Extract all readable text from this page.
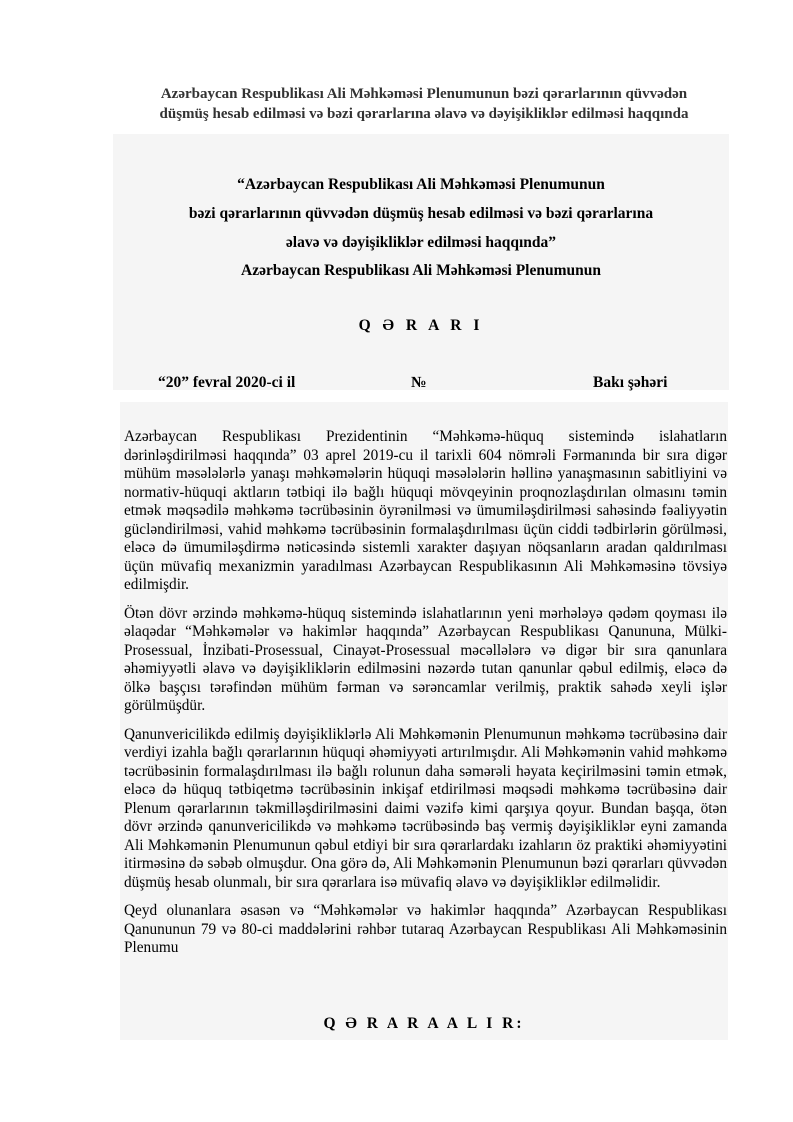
Azərbaycan Respublikası Ali Məhkəməsi Plenumunun bəzi qərarlarının qüvvədən
düşmüş hesab edilməsi və bəzi qərarlarına əlavə və dəyişikliklər edilməsi haqqında
“Azərbaycan Respublikası Ali Məhkəməsi Plenumunun
bəzi qərarlarının qüvvədən düşmüş hesab edilməsi və bəzi qərarlarına
əlavə və dəyişikliklər edilməsi haqqında”
Azərbaycan Respublikası Ali Məhkəməsi Plenumunun
Q Ə R A R I
“20” fevral 2020-ci il	№	Bakı şəhəri

Azərbaycan Respublikası Prezidentinin “Məhkəmə-hüquq sistemində islahatların dərinləşdirilməsi haqqında” 03 aprel 2019-cu il tarixli 604 nömrəli Fərmanında bir sıra digər mühüm məsələlərlə yanaşı məhkəmələrin hüquqi məsələlərin həllinə yanaşmasının sabitliyini və normativ-hüquqi aktların tətbiqi ilə bağlı hüquqi mövqeyinin proqnozlaşdırılan olmasını təmin etmək məqsədilə məhkəmə təcrübəsinin öyrənilməsi və ümumiləşdirilməsi sahəsində fəaliyyətin gücləndirilməsi, vahid məhkəmə təcrübəsinin formalaşdırılması üçün ciddi tədbirlərin görülməsi, eləcə də ümumiləşdirmə nəticəsində sistemli xarakter daşıyan nöqsanların aradan qaldırılması üçün müvafiq mexanizmin yaradılması Azərbaycan Respublikasının Ali Məhkəməsinə tövsiyə edilmişdir.

Ötən dövr ərzində məhkəmə-hüquq sistemində islahatlarının yeni mərhələyə qədəm qoyması ilə əlaqədar “Məhkəmələr və hakimlər haqqında” Azərbaycan Respublikası Qanununa, Mülki-Prosessual, İnzibati-Prosessual, Cinayət-Prosessual məcəllələrə və digər bir sıra qanunlara əhəmiyyətli əlavə və dəyişikliklərin edilməsini nəzərdə tutan qanunlar qəbul edilmiş, eləcə də ölkə başçısı tərəfindən mühüm fərman və sərəncamlar verilmiş, praktik sahədə xeyli işlər görülmüşdür.

Qanunvericilikdə edilmiş dəyişikliklərlə Ali Məhkəmənin Plenumunun məhkəmə təcrübəsinə dair verdiyi izahla bağlı qərarlarının hüquqi əhəmiyyəti artırılmışdır. Ali Məhkəmənin vahid məhkəmə təcrübəsinin formalaşdırılması ilə bağlı rolunun daha səmərəli həyata keçirilməsini təmin etmək, eləcə də hüquq tətbiqetmə təcrübəsinin inkişaf etdirilməsi məqsədi məhkəmə təcrübəsinə dair Plenum qərarlarının təkmilləşdirilməsini daimi vəzifə kimi qarşıya qoyur. Bundan başqa, ötən dövr ərzində qanunvericilikdə və məhkəmə təcrübəsində baş vermiş dəyişikliklər eyni zamanda Ali Məhkəmənin Plenumunun qəbul etdiyi bir sıra qərarlardakı izahların öz praktiki əhəmiyyətini itirməsinə də səbəb olmuşdur. Ona görə də, Ali Məhkəmənin Plenumunun bəzi qərarları qüvvədən düşmüş hesab olunmalı, bir sıra qərarlara isə müvafiq əlavə və dəyişikliklər edilməlidir.

Qeyd olunanlara əsasən və “Məhkəmələr və hakimlər haqqında” Azərbaycan Respublikası Qanununun 79 və 80-ci maddələrini rəhbər tutaraq Azərbaycan Respublikası Ali Məhkəməsinin Plenumu

Q Ə R A R A A L I R:
